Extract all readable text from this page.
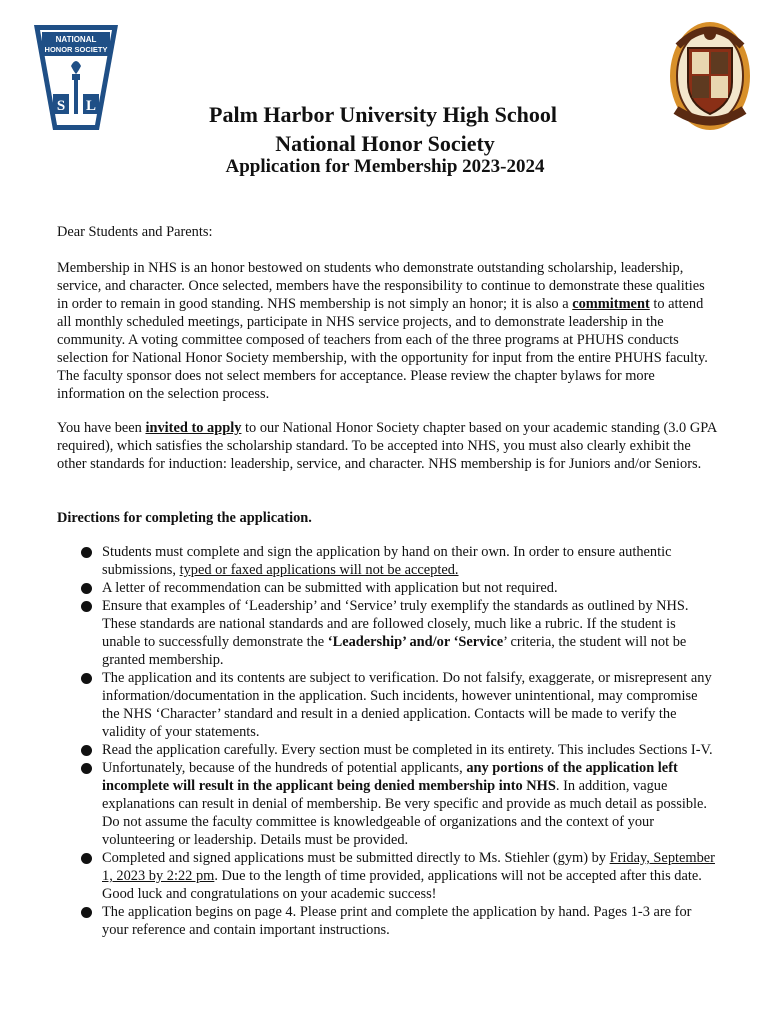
NATIONAL
HONOR SOCIETY
S L	Palm Harbor University High School
National Honor Society
Application for Membership 2023-2024
Dear Students and Parents:
Membership in NHS is an honor bestowed on students who demonstrate outstanding scholarship, leadership, service, and character. Once selected, members have the responsibility to continue to demonstrate these qualities in order to remain in good standing. NHS membership is not simply an honor; it is also a commitment to attend all monthly scheduled meetings, participate in NHS service projects, and to demonstrate leadership in the community. A voting committee composed of teachers from each of the three programs at PHUHS conducts selection for National Honor Society membership, with the opportunity for input from the entire PHUHS faculty. The faculty sponsor does not select members for acceptance. Please review the chapter bylaws for more information on the selection process.
You have been invited to apply to our National Honor Society chapter based on your academic standing (3.0 GPA required), which satisfies the scholarship standard. To be accepted into NHS, you must also clearly exhibit the other standards for induction: leadership, service, and character. NHS membership is for Juniors and/or Seniors.
Directions for completing the application.
Students must complete and sign the application by hand on their own. In order to ensure authentic submissions, typed or faxed applications will not be accepted.
A letter of recommendation can be submitted with application but not required.
Ensure that examples of ‘Leadership’ and ‘Service’ truly exemplify the standards as outlined by NHS. These standards are national standards and are followed closely, much like a rubric. If the student is unable to successfully demonstrate the ‘Leadership’ and/or ‘Service’ criteria, the student will not be granted membership.
The application and its contents are subject to verification. Do not falsify, exaggerate, or misrepresent any information/documentation in the application. Such incidents, however unintentional, may compromise the NHS ‘Character’ standard and result in a denied application. Contacts will be made to verify the validity of your statements.
Read the application carefully. Every section must be completed in its entirety. This includes Sections I-V.
Unfortunately, because of the hundreds of potential applicants, any portions of the application left incomplete will result in the applicant being denied membership into NHS. In addition, vague explanations can result in denial of membership. Be very specific and provide as much detail as possible. Do not assume the faculty committee is knowledgeable of organizations and the context of your volunteering or leadership. Details must be provided.
Completed and signed applications must be submitted directly to Ms. Stiehler (gym) by Friday, September 1, 2023 by 2:22 pm. Due to the length of time provided, applications will not be accepted after this date. Good luck and congratulations on your academic success!
The application begins on page 4. Please print and complete the application by hand. Pages 1-3 are for your reference and contain important instructions.
